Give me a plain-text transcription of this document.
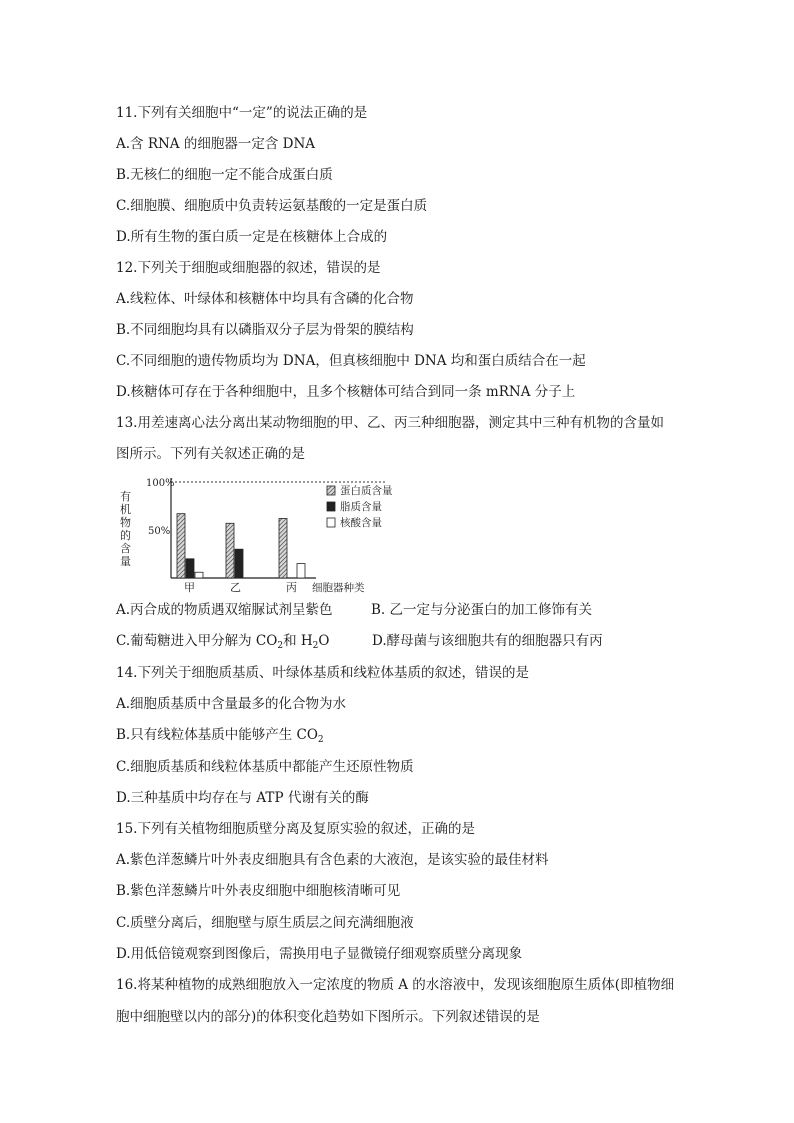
11.下列有关细胞中“一定”的说法正确的是
A.含 RNA 的细胞器一定含 DNA
B.无核仁的细胞一定不能合成蛋白质
C.细胞膜、细胞质中负责转运氨基酸的一定是蛋白质
D.所有生物的蛋白质一定是在核糖体上合成的
12.下列关于细胞或细胞器的叙述，错误的是
A.线粒体、叶绿体和核糖体中均具有含磷的化合物
B.不同细胞均具有以磷脂双分子层为骨架的膜结构
C.不同细胞的遗传物质均为 DNA，但真核细胞中 DNA 均和蛋白质结合在一起
D.核糖体可存在于各种细胞中，且多个核糖体可结合到同一条 mRNA 分子上
13.用差速离心法分离出某动物细胞的甲、乙、丙三种细胞器，测定其中三种有机物的含量如
图所示。下列有关叙述正确的是
有
机
物
的
含
量
100%
50%
甲	乙	丙 细胞器种类
蛋白质含量
脂质含量
核酸含量
A.丙合成的物质遇双缩脲试剂呈紫色	B. 乙一定与分泌蛋白的加工修饰有关
C.葡萄糖进入甲分解为 $CO_2$和 $H_2O$	D.酵母菌与该细胞共有的细胞器只有丙
14.下列关于细胞质基质、叶绿体基质和线粒体基质的叙述，错误的是
A.细胞质基质中含量最多的化合物为水
B.只有线粒体基质中能够产生 $CO_2$
C.细胞质基质和线粒体基质中都能产生还原性物质
D.三种基质中均存在与 ATP 代谢有关的酶
15.下列有关植物细胞质壁分离及复原实验的叙述，正确的是
A.紫色洋葱鳞片叶外表皮细胞具有含色素的大液泡，是该实验的最佳材料
B.紫色洋葱鳞片叶外表皮细胞中细胞核清晰可见
C.质壁分离后，细胞壁与原生质层之间充满细胞液
D.用低倍镜观察到图像后，需换用电子显微镜仔细观察质壁分离现象
16.将某种植物的成熟细胞放入一定浓度的物质 A 的水溶液中，发现该细胞原生质体(即植物细
胞中细胞壁以内的部分)的体积变化趋势如下图所示。下列叙述错误的是
